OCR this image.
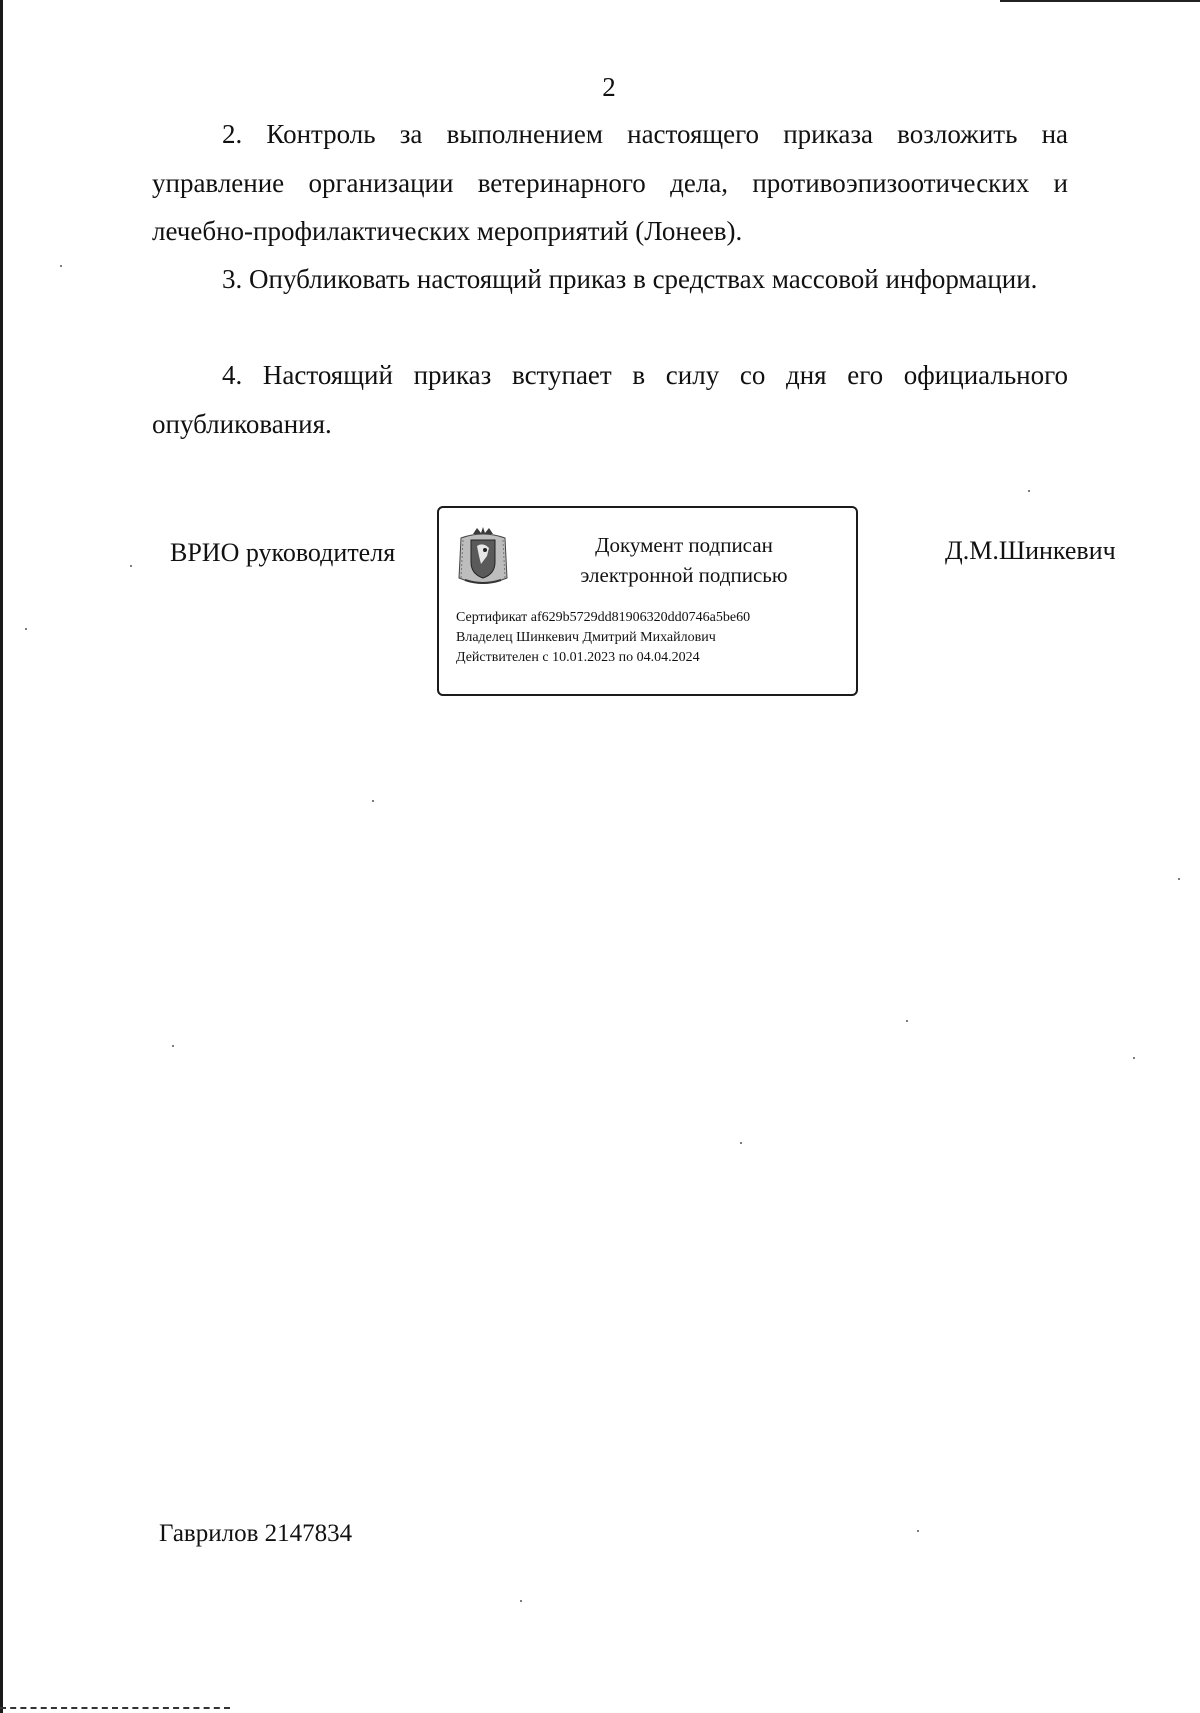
2

2. Контроль за выполнением настоящего приказа возложить на управление организации ветеринарного дела, противоэпизоотических и лечебно-профилактических мероприятий (Лонеев).

3. Опубликовать настоящий приказ в средствах массовой информации.

4. Настоящий приказ вступает в силу со дня его официального опубликования.

ВРИО руководителя	Документ подписан
электронной подписью
Сертификат af629b5729dd81906320dd0746a5be60
Владелец Шинкевич Дмитрий Михайлович
Действителен с 10.01.2023 по 04.04.2024
Д.М.Шинкевич
Гаврилов 2147834
